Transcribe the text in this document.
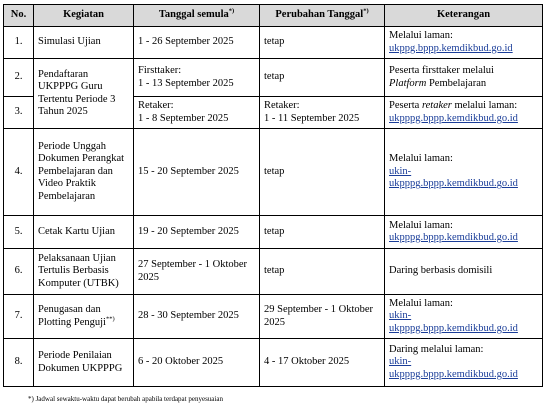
No.	Kegiatan	Tanggal semula*)	Perubahan Tanggal*)	Keterangan
1.	Simulasi Ujian	1 - 26 September 2025	tetap	Melalui laman:
ukppg.bppp.kemdikbud.go.id

2.	Pendaftaran UKPPPG Guru Tertentu Periode 3 Tahun 2025	Firsttaker:
1 - 13 September 2025	tetap	Peserta firsttaker melalui
Platform Pembelajaran

3.		Retaker:
1 - 8 September 2025	Retaker:
1 - 11 September 2025	Peserta retaker melalui laman:
ukpppg.bppp.kemdikbud.go.id

4.	Periode Unggah Dokumen Perangkat Pembelajaran dan Video Praktik Pembelajaran	15 - 20 September 2025	tetap	Melalui laman:
ukin-ukpppg.bppp.kemdikbud.go.id

5.	Cetak Kartu Ujian	19 - 20 September 2025	tetap	Melalui laman:
ukpppg.bppp.kemdikbud.go.id

6.	Pelaksanaan Ujian Tertulis Berbasis Komputer (UTBK)	27 September - 1 Oktober 2025	tetap	Daring berbasis domisili
7.	Penugasan dan Plotting Penguji**)	28 - 30 September 2025	29 September - 1 Oktober 2025	Melalui laman:
ukin-ukpppg.bppp.kemdikbud.go.id

8.	Periode Penilaian Dokumen UKPPPG	6 - 20 Oktober 2025	4 - 17 Oktober 2025	Daring melalui laman:
ukin-ukpppg.bppp.kemdikbud.go.id
*) Jadwal sewaktu-waktu dapat berubah apabila terdapat penyesuaian
